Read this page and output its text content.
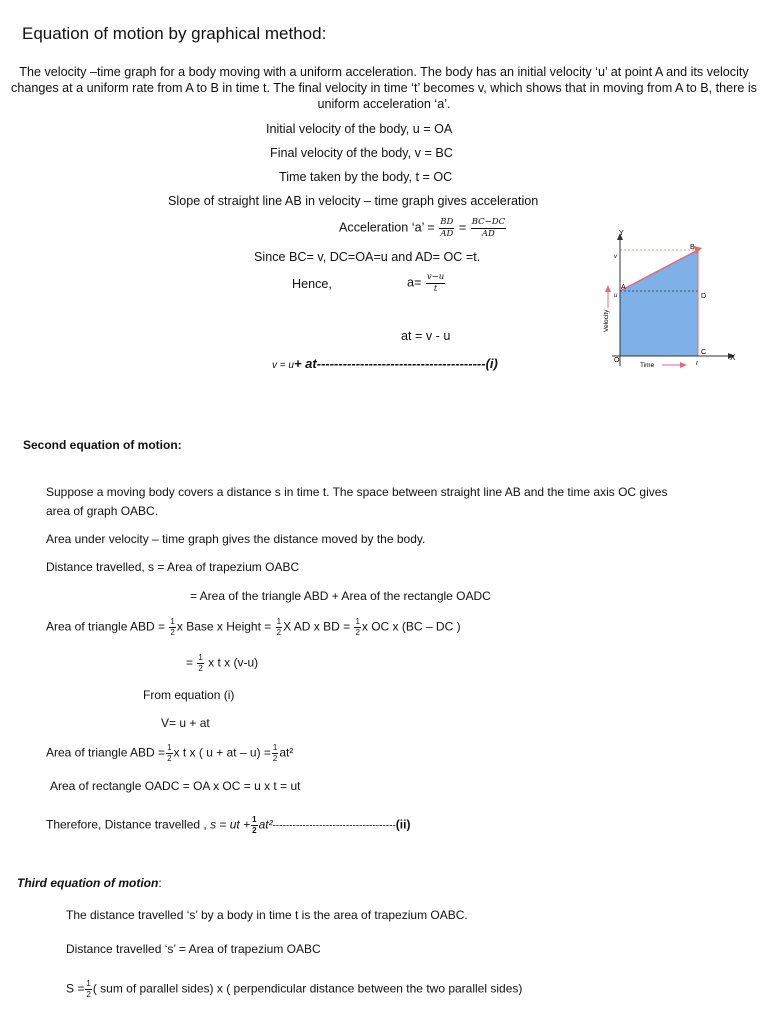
Equation of motion by graphical method:
The velocity –time graph for a body moving with a uniform acceleration. The body has an initial velocity ‘u’ at point A and its velocity changes at a uniform rate from A to B in time t. The final velocity in time ‘t’ becomes v, which shows that in moving from A to B, there is uniform acceleration ‘a’.
Initial velocity of the body, u = OA
Final velocity of the body, v = BC
Time taken by the body, t = OC
Slope of straight line AB in velocity – time graph gives acceleration
Acceleration ‘a’ = $\frac{BD}{AD} = \frac{BC-DC}{AD}$
Since BC= v, DC=OA=u and AD= OC =t.
Hence,	$a= \frac{v-u}{t}$
at = v - u
v = u+ at---------------------------------------(i)
Y
X
v
u
t
A
B
C
D
O
Velocity
Time
Second equation of motion:
Suppose a moving body covers a distance s in time t. The space between straight line AB and the time axis OC gives
area of graph OABC.
Area under velocity – time graph gives the distance moved by the body.
Distance travelled, s = Area of trapezium OABC
= Area of the triangle ABD + Area of the rectangle OADC
Area of triangle ABD = $\frac{1}{2}$ x Base x Height = $\frac{1}{2}$ X AD x BD = $\frac{1}{2}$ x OC x (BC – DC )
= $\frac{1}{2}$ x t x (v-u)
From equation (i)
V= u + at
Area of triangle ABD = $\frac{1}{2}$ x t x ( u + at – $u) = \frac{1}{2} at^2$
Area of rectangle OADC = OA x OC = u x t = ut
Therefore, Distance travelled , s = ut + $\frac{1}{2} at^2-------------------------------------(ii)$
Third equation of motion:
The distance travelled ‘s’ by a body in time t is the area of trapezium OABC.
Distance travelled ‘s’ = Area of trapezium OABC
$S = \frac{1}{2}$ ( sum of parallel sides) x ( perpendicular distance between the two parallel sides)
